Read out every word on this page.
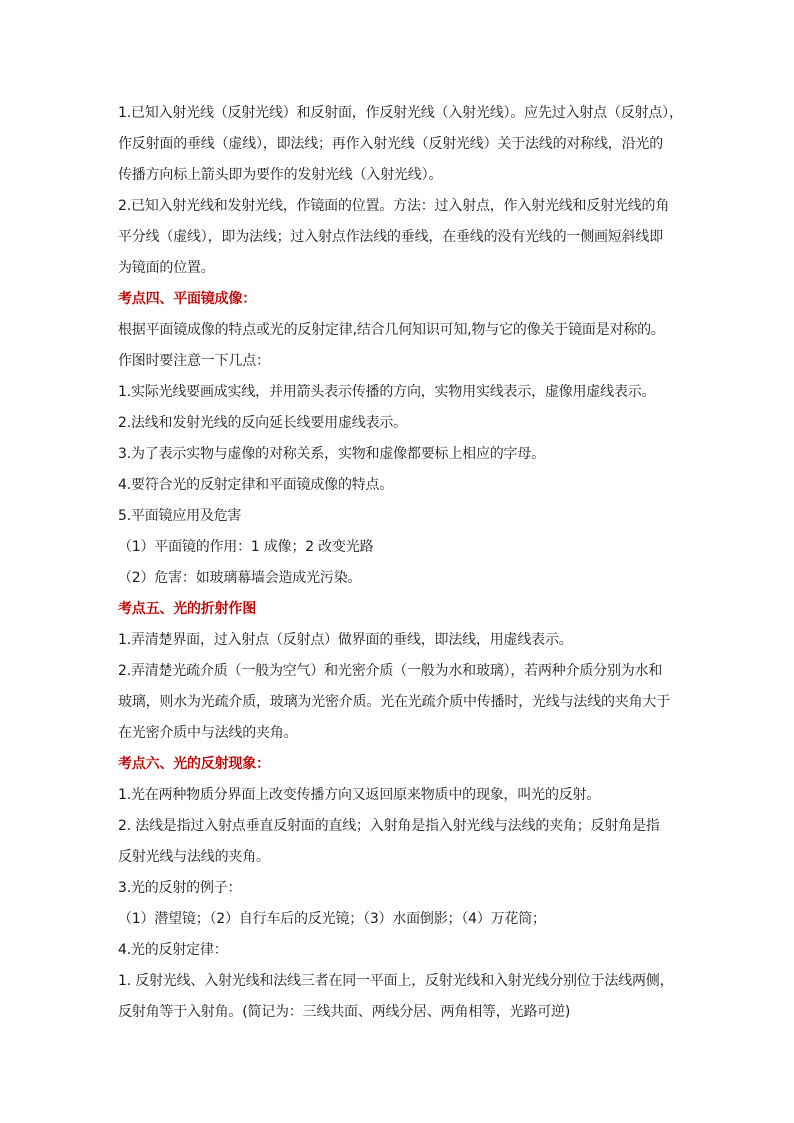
1.已知入射光线（反射光线）和反射面，作反射光线（入射光线）。应先过入射点（反射点），
作反射面的垂线（虚线），即法线；再作入射光线（反射光线）关于法线的对称线，沿光的
传播方向标上箭头即为要作的发射光线（入射光线）。
2.已知入射光线和发射光线，作镜面的位置。方法：过入射点，作入射光线和反射光线的角
平分线（虚线），即为法线；过入射点作法线的垂线，在垂线的没有光线的一侧画短斜线即
为镜面的位置。
考点四、平面镜成像：
根据平面镜成像的特点或光的反射定律,结合几何知识可知,物与它的像关于镜面是对称的。
作图时要注意一下几点：
1.实际光线要画成实线，并用箭头表示传播的方向，实物用实线表示，虚像用虚线表示。
2.法线和发射光线的反向延长线要用虚线表示。
3.为了表示实物与虚像的对称关系，实物和虚像都要标上相应的字母。
4.要符合光的反射定律和平面镜成像的特点。
5.平面镜应用及危害
（1）平面镜的作用：1 成像；2 改变光路
（2）危害：如玻璃幕墙会造成光污染。
考点五、光的折射作图
1.弄清楚界面，过入射点（反射点）做界面的垂线，即法线，用虚线表示。
2.弄清楚光疏介质（一般为空气）和光密介质（一般为水和玻璃），若两种介质分别为水和
玻璃，则水为光疏介质，玻璃为光密介质。光在光疏介质中传播时，光线与法线的夹角大于
在光密介质中与法线的夹角。
考点六、光的反射现象：
1.光在两种物质分界面上改变传播方向又返回原来物质中的现象，叫光的反射。
2. 法线是指过入射点垂直反射面的直线；入射角是指入射光线与法线的夹角；反射角是指
反射光线与法线的夹角。
3.光的反射的例子：
（1）潜望镜；（2）自行车后的反光镜；（3）水面倒影；（4）万花筒；
4.光的反射定律：
1. 反射光线、入射光线和法线三者在同一平面上，反射光线和入射光线分别位于法线两侧，
反射角等于入射角。(简记为：三线共面、两线分居、两角相等，光路可逆)
